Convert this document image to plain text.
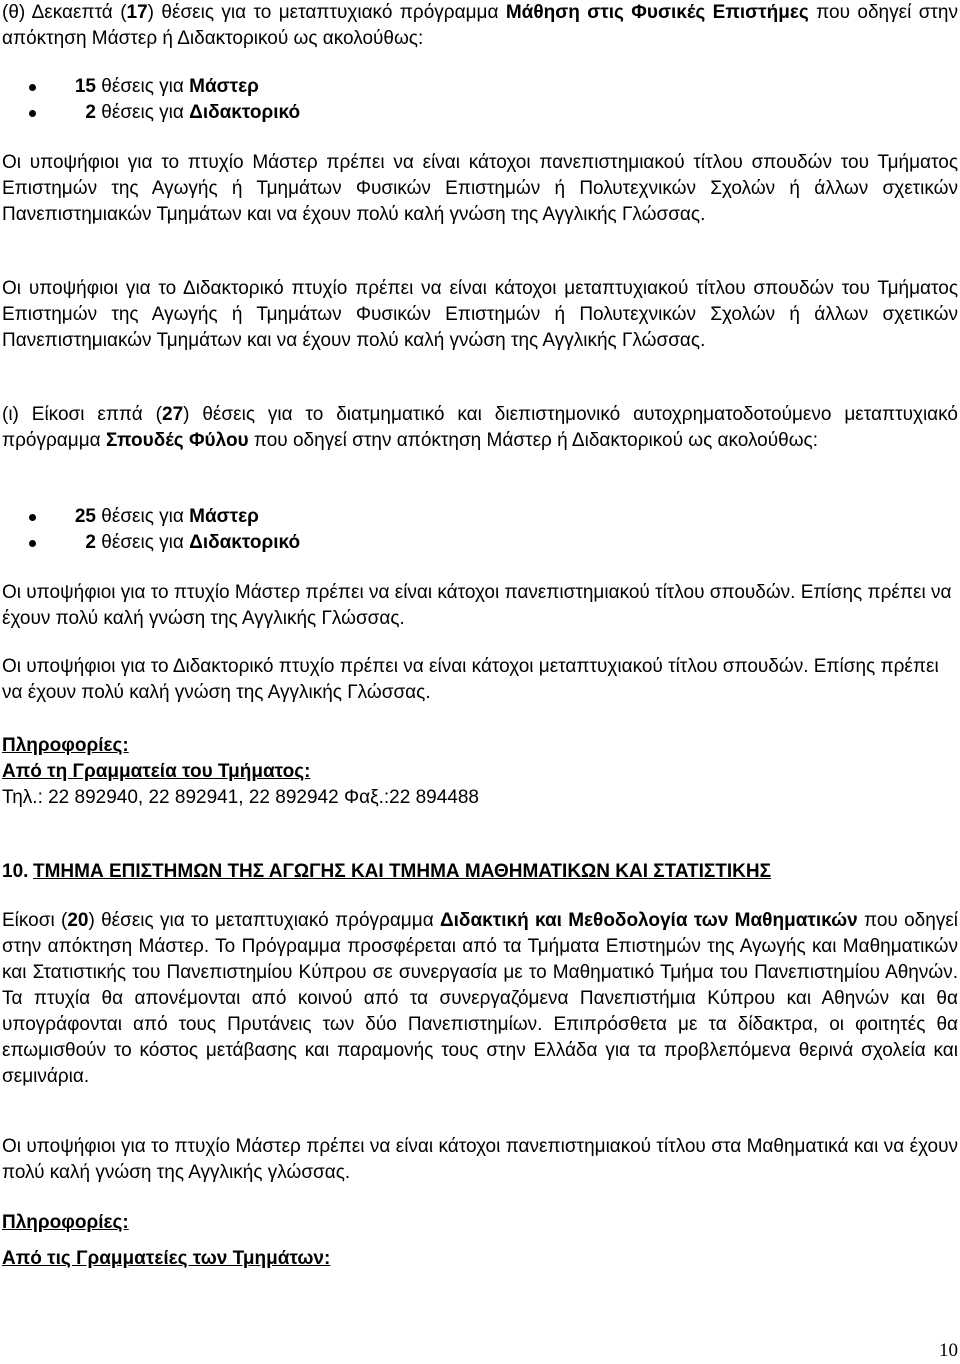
(θ) Δεκαεπτά (17) θέσεις για το μεταπτυχιακό πρόγραμμα Μάθηση στις Φυσικές Επιστήμες που οδηγεί στην απόκτηση Μάστερ ή Διδακτορικού ως ακολούθως:

15 θέσεις για Μάστερ
2 θέσεις για Διδακτορικό

Οι υποψήφιοι για το πτυχίο Μάστερ πρέπει να είναι κάτοχοι πανεπιστημιακού τίτλου σπουδών του Τμήματος Επιστημών της Αγωγής ή Τμημάτων Φυσικών Επιστημών ή Πολυτεχνικών Σχολών ή άλλων σχετικών Πανεπιστημιακών Τμημάτων και να έχουν πολύ καλή γνώση της Αγγλικής Γλώσσας.

Οι υποψήφιοι για το Διδακτορικό πτυχίο πρέπει να είναι κάτοχοι μεταπτυχιακού τίτλου σπουδών του Τμήματος Επιστημών της Αγωγής ή Τμημάτων Φυσικών Επιστημών ή Πολυτεχνικών Σχολών ή άλλων σχετικών Πανεπιστημιακών Τμημάτων και να έχουν πολύ καλή γνώση της Αγγλικής Γλώσσας.

(ι) Είκοσι εππά (27) θέσεις για το διατμηματικό και διεπιστημονικό αυτοχρηματοδοτούμενο μεταπτυχιακό πρόγραμμα Σπουδές Φύλου που οδηγεί στην απόκτηση Μάστερ ή Διδακτορικού ως ακολούθως:

25 θέσεις για Μάστερ
2 θέσεις για Διδακτορικό

Οι υποψήφιοι για το πτυχίο Μάστερ πρέπει να είναι κάτοχοι πανεπιστημιακού τίτλου σπουδών. Επίσης πρέπει να έχουν πολύ καλή γνώση της Αγγλικής Γλώσσας.

Οι υποψήφιοι για το Διδακτορικό πτυχίο πρέπει να είναι κάτοχοι μεταπτυχιακού τίτλου σπουδών. Επίσης πρέπει να έχουν πολύ καλή γνώση της Αγγλικής Γλώσσας.

Πληροφορίες:

Από τη Γραμματεία του Τμήματος:

Τηλ.: 22 892940, 22 892941, 22 892942 Φαξ.:22 894488

10. ΤΜΗΜΑ ΕΠΙΣΤΗΜΩΝ ΤΗΣ ΑΓΩΓΗΣ ΚΑΙ ΤΜΗΜΑ ΜΑΘΗΜΑΤΙΚΩΝ ΚΑΙ ΣΤΑΤΙΣΤΙΚΗΣ

Είκοσι (20) θέσεις για το μεταπτυχιακό πρόγραμμα Διδακτική και Μεθοδολογία των Μαθηματικών που οδηγεί στην απόκτηση Μάστερ. Το Πρόγραμμα προσφέρεται από τα Τμήματα Επιστημών της Αγωγής και Μαθηματικών και Στατιστικής του Πανεπιστημίου Κύπρου σε συνεργασία με το Μαθηματικό Τμήμα του Πανεπιστημίου Αθηνών. Τα πτυχία θα απονέμονται από κοινού από τα συνεργαζόμενα Πανεπιστήμια Κύπρου και Αθηνών και θα υπογράφονται από τους Πρυτάνεις των δύο Πανεπιστημίων. Επιπρόσθετα με τα δίδακτρα, οι φοιτητές θα επωμισθούν το κόστος μετάβασης και παραμονής τους στην Ελλάδα για τα προβλεπόμενα θερινά σχολεία και σεμινάρια.

Οι υποψήφιοι για το πτυχίο Μάστερ πρέπει να είναι κάτοχοι πανεπιστημιακού τίτλου στα Μαθηματικά και να έχουν πολύ καλή γνώση της Αγγλικής γλώσσας.

Πληροφορίες:

Από τις Γραμματείες των Τμημάτων:

10
